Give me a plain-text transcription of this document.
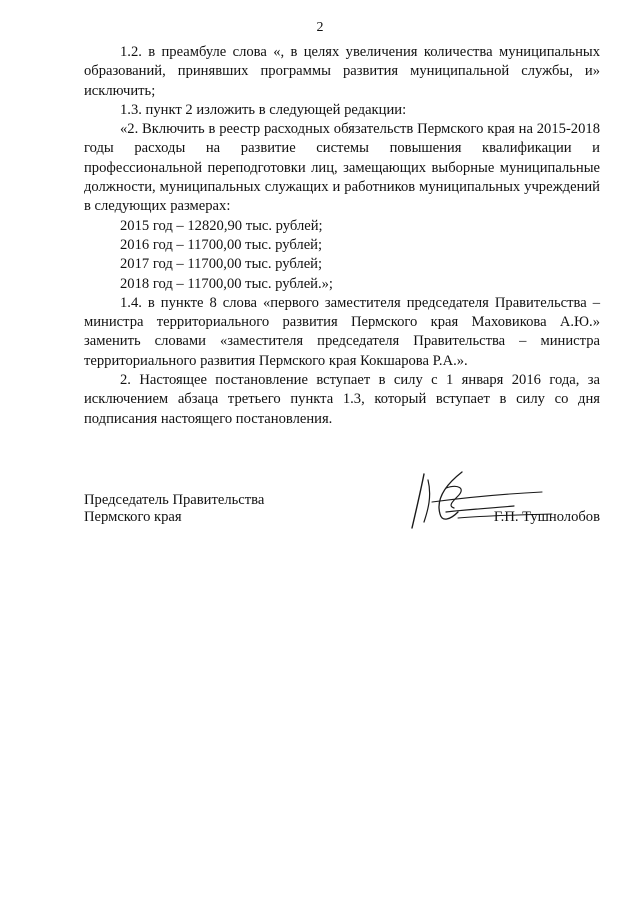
2

1.2. в преамбуле слова «, в целях увеличения количества муниципальных образований, принявших программы развития муниципальной службы, и» исключить;

1.3. пункт 2 изложить в следующей редакции:

«2. Включить в реестр расходных обязательств Пермского края на 2015-2018 годы расходы на развитие системы повышения квалификации и профессиональной переподготовки лиц, замещающих выборные муниципальные должности, муниципальных служащих и работников муниципальных учреждений в следующих размерах:

2015 год – 12820,90 тыс. рублей;

2016 год – 11700,00 тыс. рублей;

2017 год – 11700,00 тыс. рублей;

2018 год – 11700,00 тыс. рублей.»;

1.4. в пункте 8 слова «первого заместителя председателя Правительства – министра территориального развития Пермского края Маховикова А.Ю.» заменить словами «заместителя председателя Правительства – министра территориального развития Пермского края Кокшарова Р.А.».

2. Настоящее постановление вступает в силу с 1 января 2016 года, за исключением абзаца третьего пункта 1.3, который вступает в силу со дня подписания настоящего постановления.

Председатель Правительства
Пермского края	Г.П. Тушнолобов
